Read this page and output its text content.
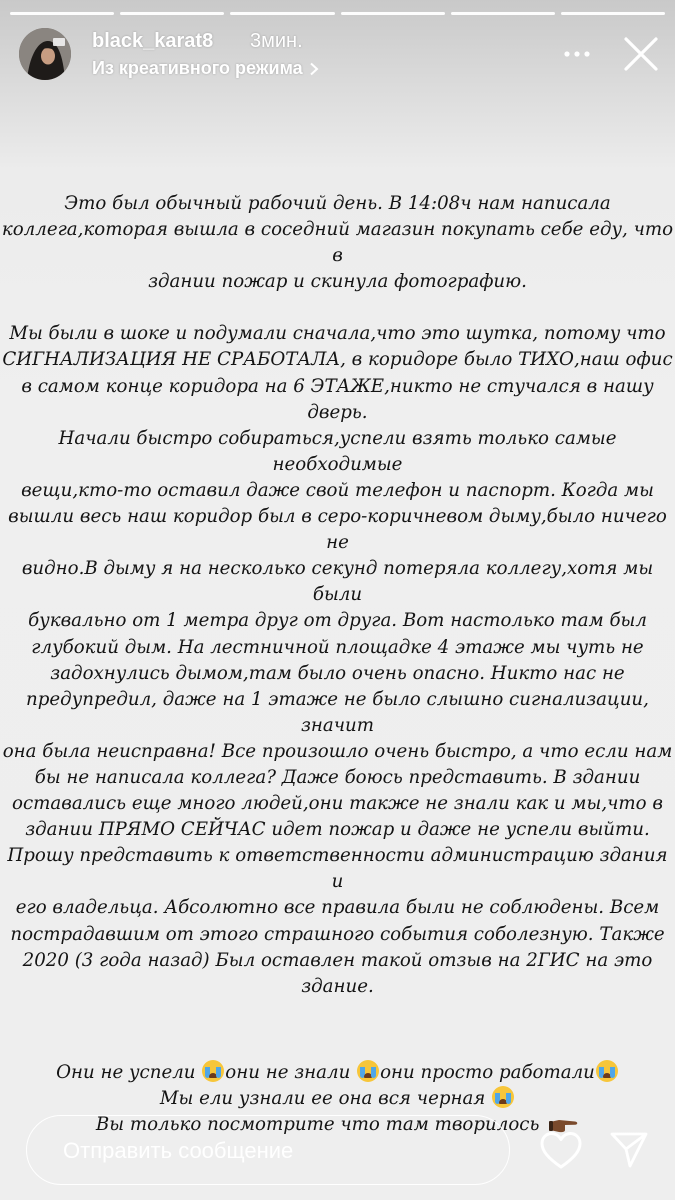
black_karat8 3мин.
Из креативного режима

Это был обычный рабочий день. В 14:08ч нам написала
коллега,которая вышла в соседний магазин покупать себе еду, что в
здании пожар и скинула фотографию.

Мы были в шоке и подумали сначала,что это шутка, потому что
СИГНАЛИЗАЦИЯ НЕ СРАБОТАЛА, в коридоре было ТИХО,наш офис
в самом конце коридора на 6 ЭТАЖЕ,никто не стучался в нашу дверь.
Начали быстро собираться,успели взять только самые необходимые
вещи,кто-то оставил даже свой телефон и паспорт. Когда мы
вышли весь наш коридор был в серо-коричневом дыму,было ничего не
видно.В дыму я на несколько секунд потеряла коллегу,хотя мы были
буквально от 1 метра друг от друга. Вот настолько там был
глубокий дым. На лестничной площадке 4 этаже мы чуть не
задохнулись дымом,там было очень опасно. Никто нас не
предупредил, даже на 1 этаже не было слышно сигнализации, значит
она была неисправна! Все произошло очень быстро, а что если нам
бы не написала коллега? Даже боюсь представить. В здании
оставались еще много людей,они также не знали как и мы,что в
здании ПРЯМО СЕЙЧАС идет пожар и даже не успели выйти.
Прошу представить к ответственности администрацию здания и
его владельца. Абсолютно все правила были не соблюдены. Всем
пострадавшим от этого страшного события соболезную. Также
2020 (3 года назад) Был оставлен такой отзыв на 2ГИС на это
здание.

Они не успели
они не знали
они просто работали

Мы ели узнали ее она вся черная

Вы только посмотрите что там творилось

Отправить сообщение
